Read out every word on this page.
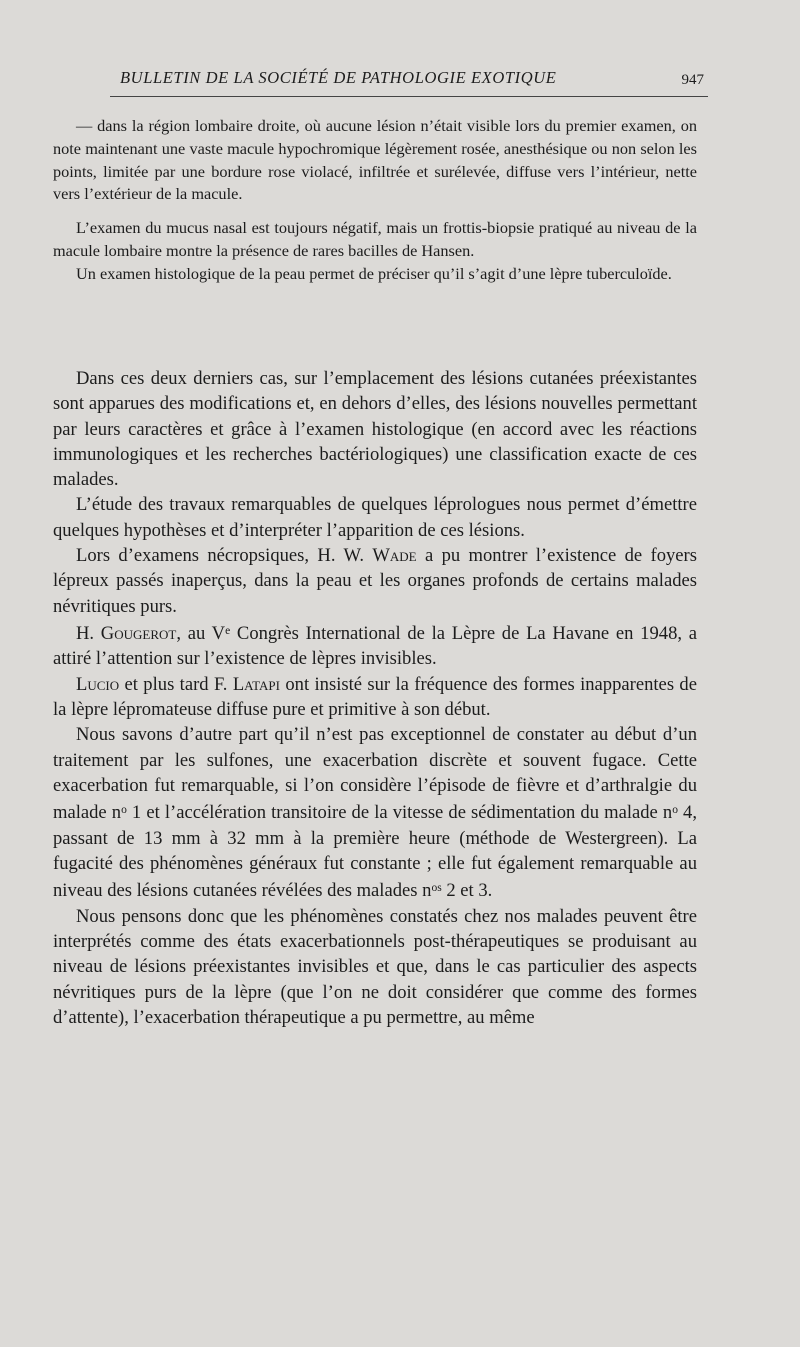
BULLETIN DE LA SOCIÉTÉ DE PATHOLOGIE EXOTIQUE	947

— dans la région lombaire droite, où aucune lésion n’était visible lors du premier examen, on note maintenant une vaste macule hypochromique légèrement rosée, anesthésique ou non selon les points, limitée par une bordure rose violacé, infiltrée et surélevée, diffuse vers l’intérieur, nette vers l’extérieur de la macule.

L’examen du mucus nasal est toujours négatif, mais un frottis-biopsie pratiqué au niveau de la macule lombaire montre la présence de rares bacilles de Hansen.

Un examen histologique de la peau permet de préciser qu’il s’agit d’une lèpre tuberculoïde.

Dans ces deux derniers cas, sur l’emplacement des lésions cutanées préexistantes sont apparues des modifications et, en dehors d’elles, des lésions nouvelles permettant par leurs caractères et grâce à l’examen histologique (en accord avec les réactions immunologiques et les recherches bactériologiques) une classification exacte de ces malades.

L’étude des travaux remarquables de quelques léprologues nous permet d’émettre quelques hypothèses et d’interpréter l’apparition de ces lésions.

Lors d’examens nécropsiques, H. W. Wade a pu montrer l’existence de foyers lépreux passés inaperçus, dans la peau et les organes profonds de certains malades névritiques purs.

H. Gougerot, au Ve Congrès International de la Lèpre de La Havane en 1948, a attiré l’attention sur l’existence de lèpres invisibles.

Lucio et plus tard F. Latapi ont insisté sur la fréquence des formes inapparentes de la lèpre lépromateuse diffuse pure et primitive à son début.

Nous savons d’autre part qu’il n’est pas exceptionnel de constater au début d’un traitement par les sulfones, une exacerbation discrète et souvent fugace. Cette exacerbation fut remarquable, si l’on considère l’épisode de fièvre et d’arthralgie du malade $n^o$ 1 et l’accélération transitoire de la vitesse de sédimentation du malade $n^o$ 4, passant de 13 mm à 32 mm à la première heure (méthode de Westergreen). La fugacité des phénomènes généraux fut constante ; elle fut également remarquable au niveau des lésions cutanées révélées des malades $n^{os}$ 2 et 3.

Nous pensons donc que les phénomènes constatés chez nos malades peuvent être interprétés comme des états exacerbationnels post-thérapeutiques se produisant au niveau de lésions préexistantes invisibles et que, dans le cas particulier des aspects névritiques purs de la lèpre (que l’on ne doit considérer que comme des formes d’attente), l’exacerbation thérapeutique a pu permettre, au même
